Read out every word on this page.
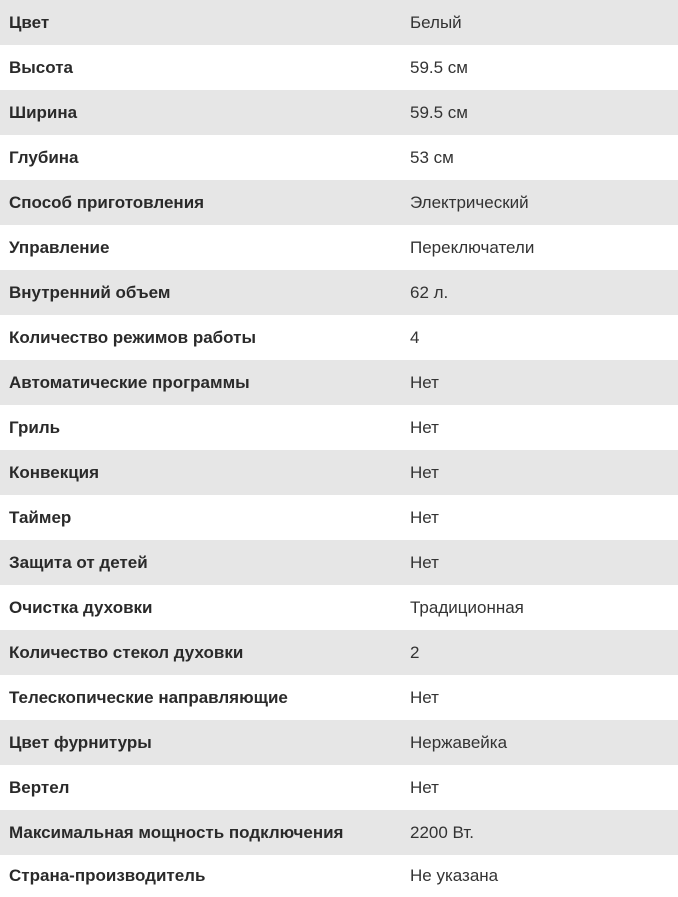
Цвет	Белый
Высота	59.5 см
Ширина	59.5 см
Глубина	53 см
Способ приготовления	Электрический
Управление	Переключатели
Внутренний объем	62 л.
Количество режимов работы	4
Автоматические программы	Нет
Гриль	Нет
Конвекция	Нет
Таймер	Нет
Защита от детей	Нет
Очистка духовки	Традиционная
Количество стекол духовки	2
Телескопические направляющие	Нет
Цвет фурнитуры	Нержавейка
Вертел	Нет
Максимальная мощность подключения	2200 Вт.
Страна-производитель	Не указана
